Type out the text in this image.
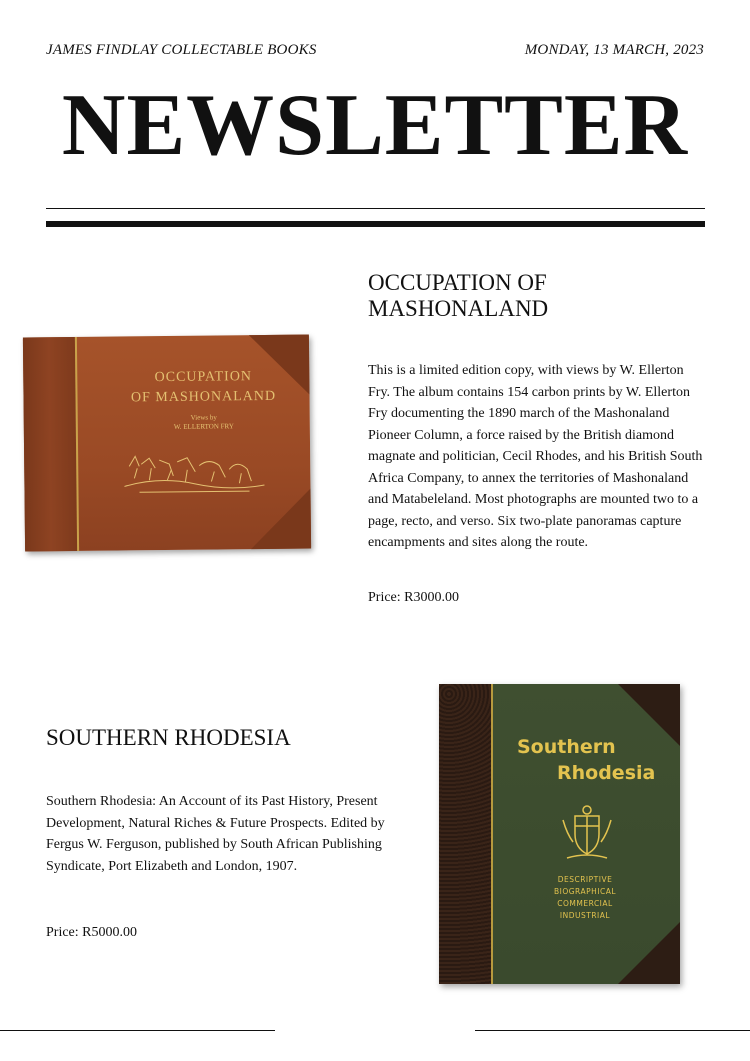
JAMES FINDLAY COLLECTABLE BOOKS	MONDAY, 13 MARCH, 2023
NEWSLETTER
OCCUPATION
OF MASHONALAND
Views by
W. ELLERTON FRY
OCCUPATION OF
MASHONALAND
This is a limited edition copy, with views by W. Ellerton Fry. The album contains 154 carbon prints by W. Ellerton Fry documenting the 1890 march of the Mashonaland Pioneer Column, a force raised by the British diamond magnate and politician, Cecil Rhodes, and his British South Africa Company, to annex the territories of Mashonaland and Matabeleland. Most photographs are mounted two to a page, recto, and verso. Six two-plate panoramas capture encampments and sites along the route.
Price: R3000.00
SOUTHERN RHODESIA
Southern Rhodesia: An Account of its Past History, Present Development, Natural Riches & Future Prospects. Edited by Fergus W. Ferguson, published by South African Publishing Syndicate, Port Elizabeth and London, 1907.
Price: R5000.00
Southern
Rhodesia
DESCRIPTIVE
BIOGRAPHICAL
COMMERCIAL
INDUSTRIAL
